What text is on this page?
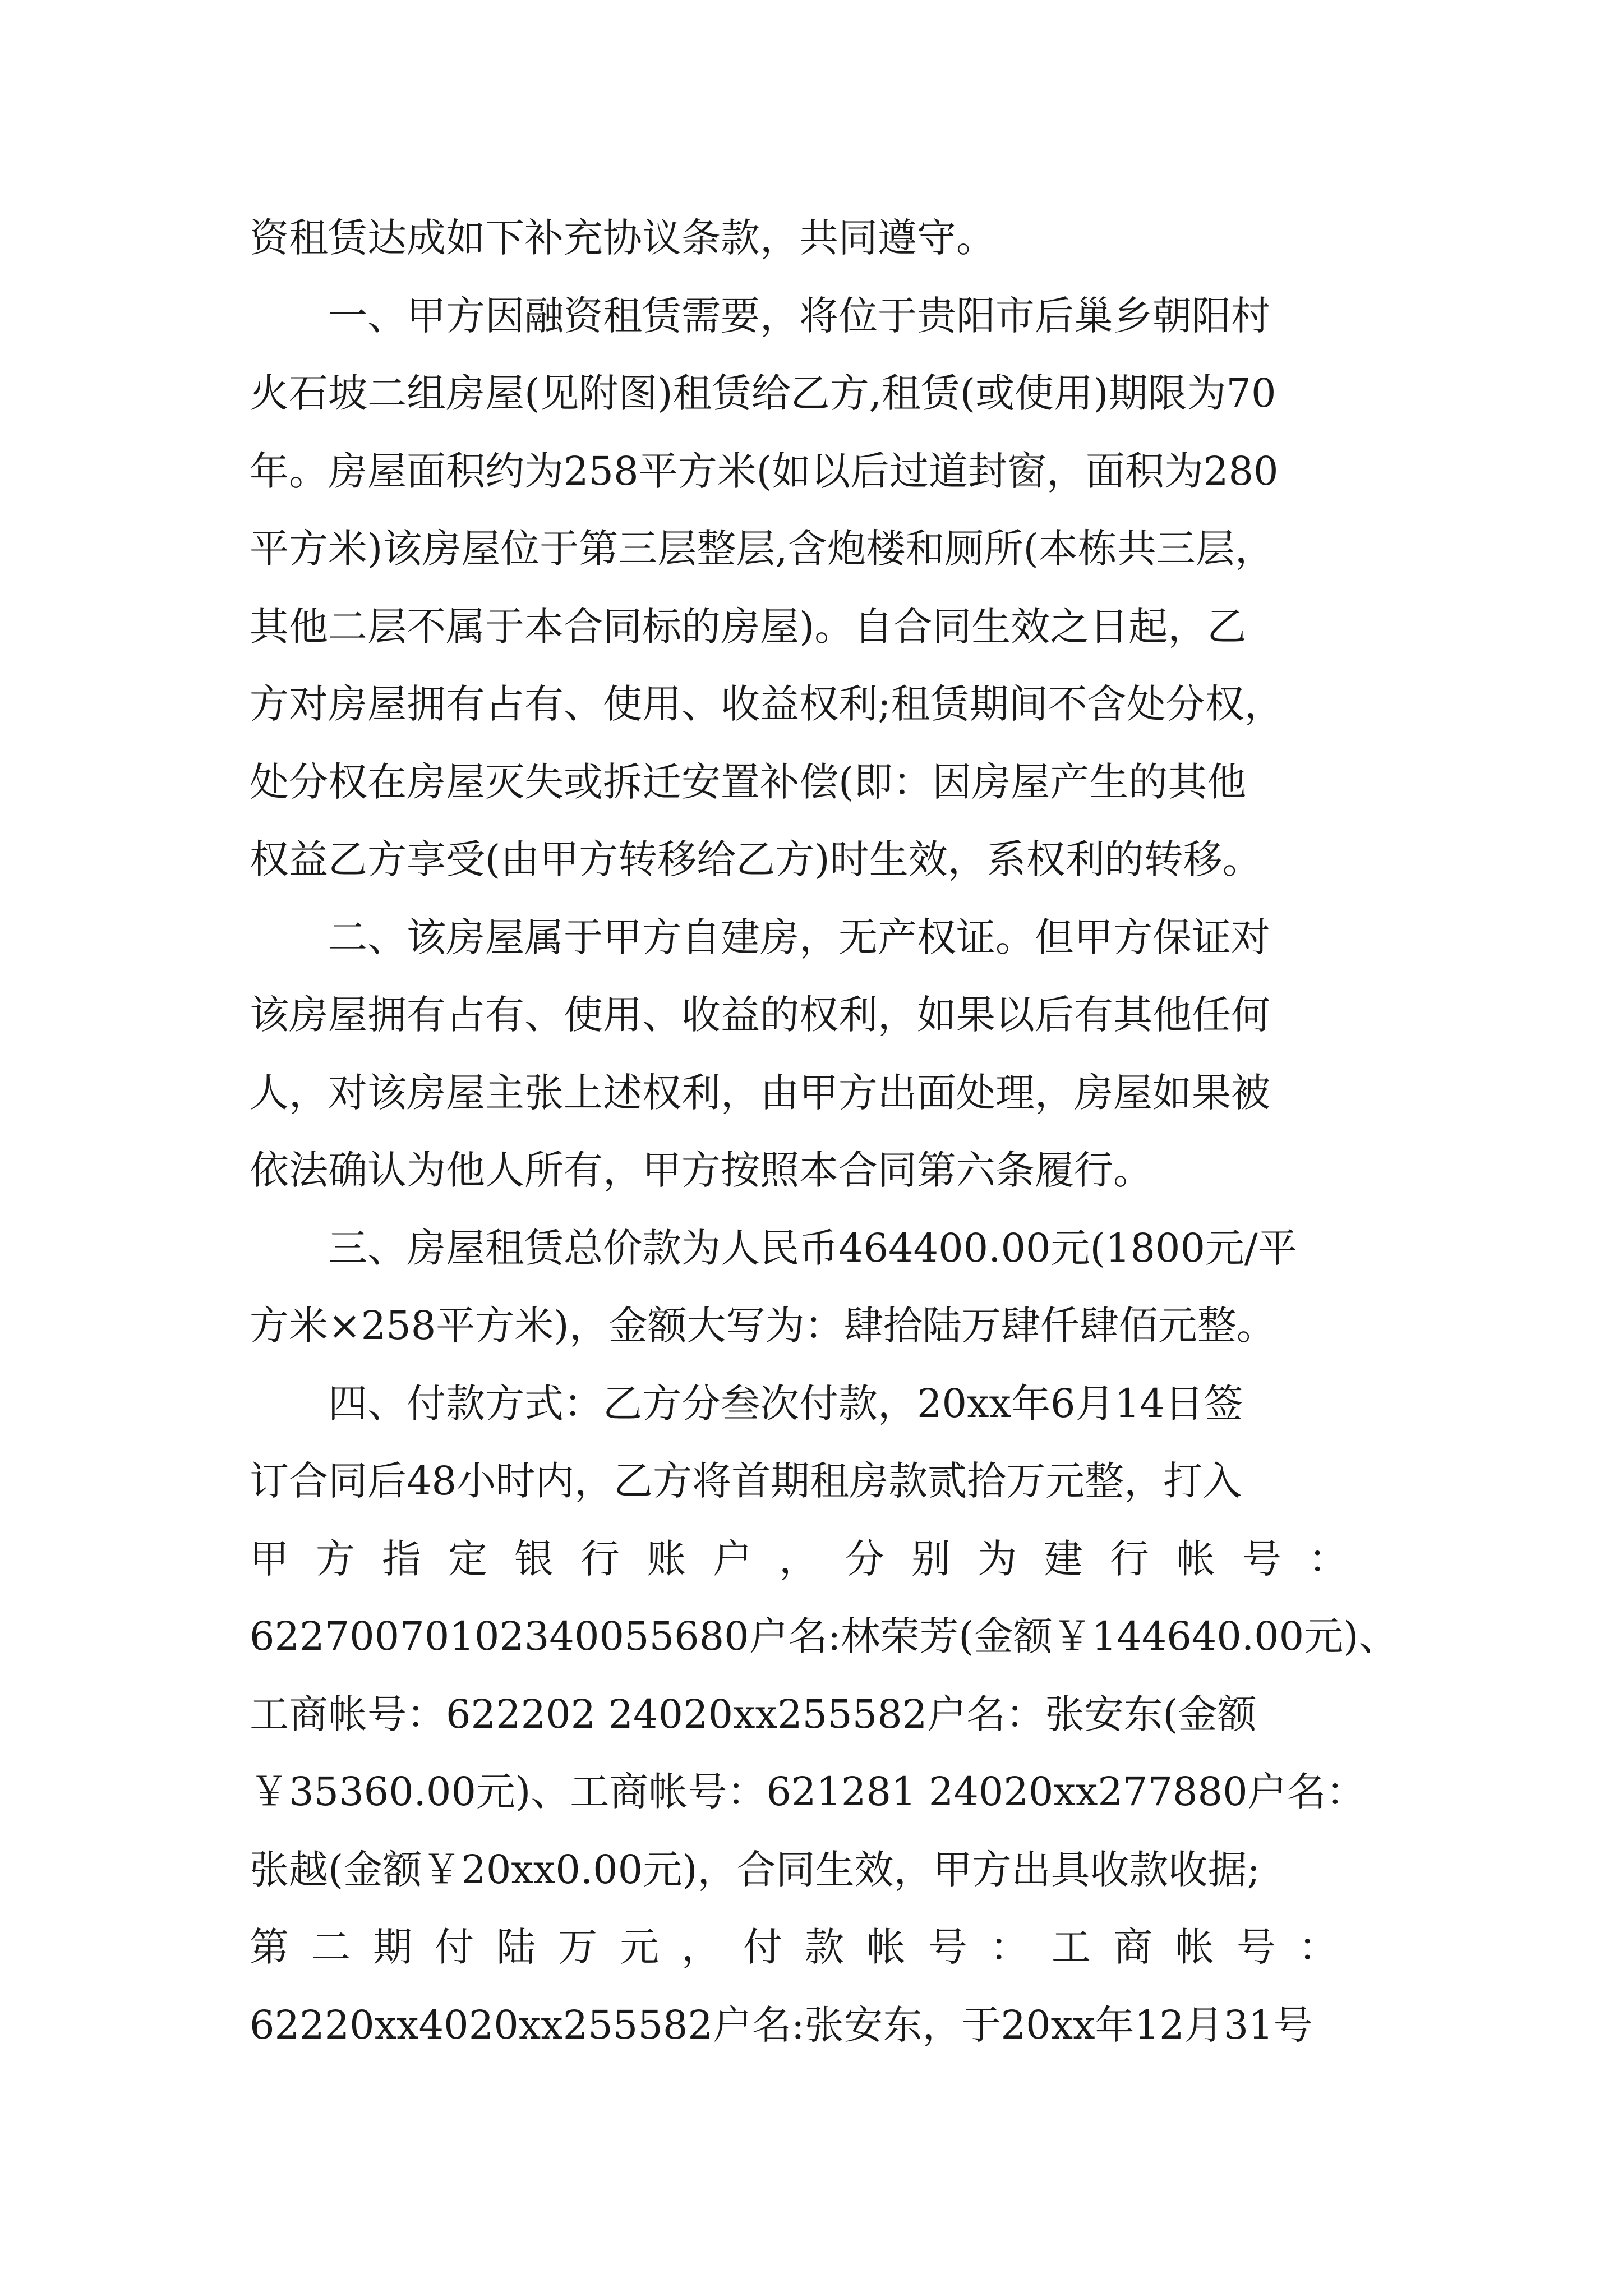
资租赁达成如下补充协议条款，共同遵守。
一、甲方因融资租赁需要，将位于贵阳市后巢乡朝阳村
火石坡二组房屋(见附图)租赁给乙方,租赁(或使用)期限为70
年。房屋面积约为258平方米(如以后过道封窗，面积为280
平方米)该房屋位于第三层整层,含炮楼和厕所(本栋共三层，
其他二层不属于本合同标的房屋)。自合同生效之日起，乙
方对房屋拥有占有、使用、收益权利;租赁期间不含处分权，
处分权在房屋灭失或拆迁安置补偿(即：因房屋产生的其他
权益乙方享受(由甲方转移给乙方)时生效，系权利的转移。
二、该房屋属于甲方自建房，无产权证。但甲方保证对
该房屋拥有占有、使用、收益的权利，如果以后有其他任何
人，对该房屋主张上述权利，由甲方出面处理，房屋如果被
依法确认为他人所有，甲方按照本合同第六条履行。
三、房屋租赁总价款为人民币464400.00元(1800元/平
方米×258平方米)，金额大写为：肆拾陆万肆仟肆佰元整。
四、付款方式：乙方分叁次付款，20xx年6月14日签
订合同后48小时内，乙方将首期租房款贰拾万元整，打入
甲方指定银行账户，分别为建行帐号：
6227007010234005568​0户名:林荣芳(金额￥144640.00元)、
工商帐号：622202 24020xx255582户名：张安东(金额
￥35360.00元)、工商帐号：621281 24020xx277880户名：
张越(金额￥20xx0.00元)，合同生效，甲方出具收款收据;
第二期付陆万元，付款帐号：工商帐号：
62220xx4020xx255582户名:张安东，于20xx年12月31号
